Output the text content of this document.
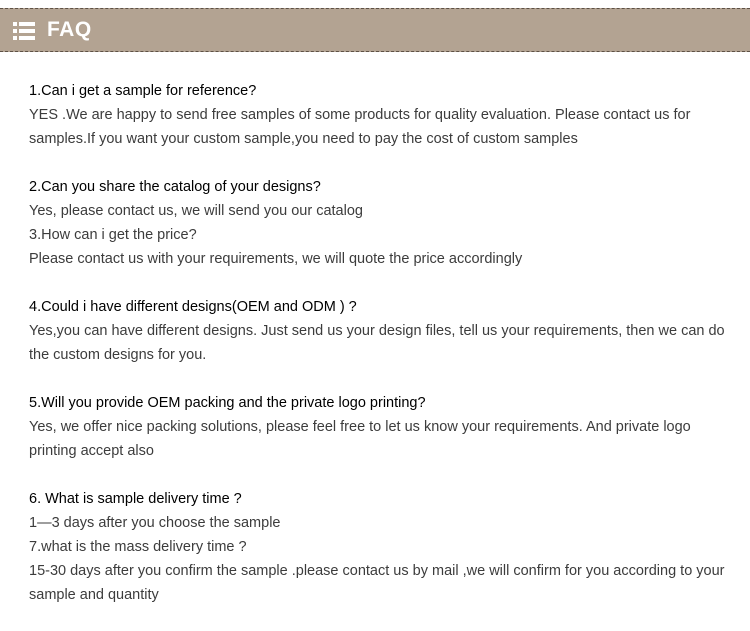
FAQ
1.Can i get a sample for reference?
YES .We are happy to send free samples of some products for quality evaluation. Please contact us for samples.If you want your custom sample,you need to pay the cost of custom samples
2.Can you share the catalog of your designs?
Yes, please contact us, we will send you our catalog
3.How can i get the price?
Please contact us with your requirements, we will quote the price accordingly
4.Could i have different designs(OEM and ODM ) ?
Yes,you can have different designs. Just send us your design files, tell us your requirements, then we can do the custom designs for you.
5.Will you provide OEM packing and the private logo printing?
Yes, we offer nice packing solutions, please feel free to let us know your requirements. And private logo printing accept also
6. What is sample delivery time ?
1—3 days after you choose the sample
7.what is the mass delivery time ?
15-30 days after you confirm the sample .please contact us by mail ,we will confirm for you according to your sample and quantity
